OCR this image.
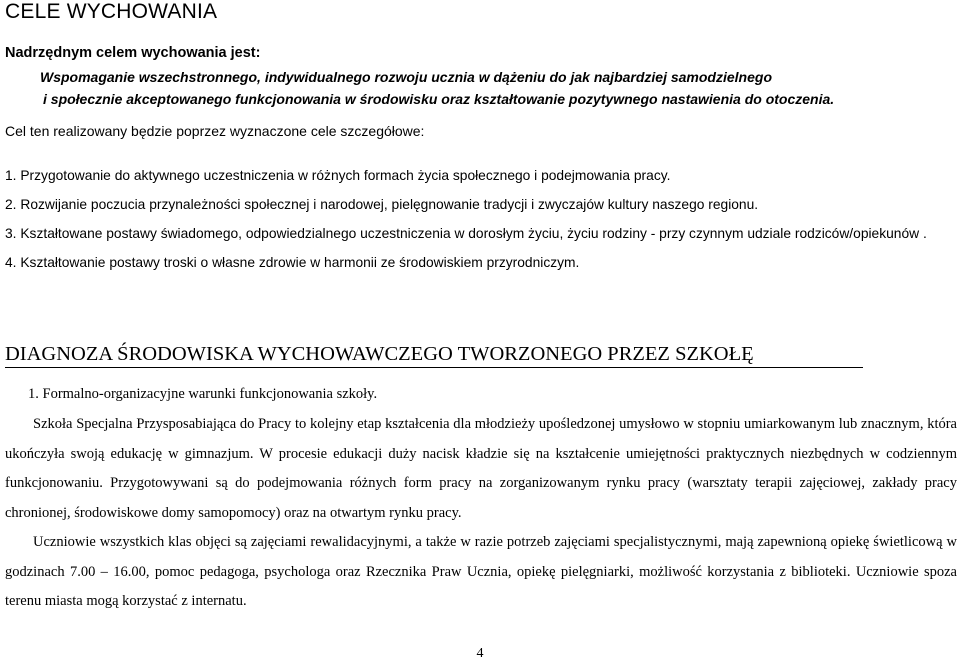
CELE WYCHOWANIA
Nadrzędnym celem wychowania jest:
Wspomaganie wszechstronnego, indywidualnego rozwoju ucznia w dążeniu do jak najbardziej samodzielnego
i społecznie akceptowanego funkcjonowania w środowisku oraz kształtowanie pozytywnego nastawienia do otoczenia.
Cel ten realizowany będzie poprzez wyznaczone cele szczegółowe:
1. Przygotowanie do aktywnego uczestniczenia w różnych formach życia społecznego i podejmowania pracy.
2. Rozwijanie poczucia przynależności społecznej i narodowej, pielęgnowanie tradycji i zwyczajów kultury naszego regionu.
3. Kształtowane postawy świadomego, odpowiedzialnego uczestniczenia w dorosłym życiu, życiu rodziny - przy czynnym udziale rodziców/opiekunów .
4. Kształtowanie postawy troski o własne zdrowie w harmonii ze środowiskiem przyrodniczym.
DIAGNOZA ŚRODOWISKA WYCHOWAWCZEGO TWORZONEGO PRZEZ SZKOŁĘ
1. Formalno-organizacyjne warunki funkcjonowania szkoły.

Szkoła Specjalna Przysposabiająca do Pracy to kolejny etap kształcenia dla młodzieży upośledzonej umysłowo w stopniu umiarkowanym lub znacznym, która ukończyła swoją edukację w gimnazjum. W procesie edukacji duży nacisk kładzie się na kształcenie umiejętności praktycznych niezbędnych w codziennym funkcjonowaniu. Przygotowywani są do podejmowania różnych form pracy na zorganizowanym rynku pracy (warsztaty terapii zajęciowej, zakłady pracy chronionej, środowiskowe domy samopomocy) oraz na otwartym rynku pracy.

Uczniowie wszystkich klas objęci są zajęciami rewalidacyjnymi, a także w razie potrzeb zajęciami specjalistycznymi, mają zapewnioną opiekę świetlicową w godzinach 7.00 – 16.00, pomoc pedagoga, psychologa oraz Rzecznika Praw Ucznia, opiekę pielęgniarki, możliwość korzystania z biblioteki. Uczniowie spoza terenu miasta mogą korzystać z internatu.

4
